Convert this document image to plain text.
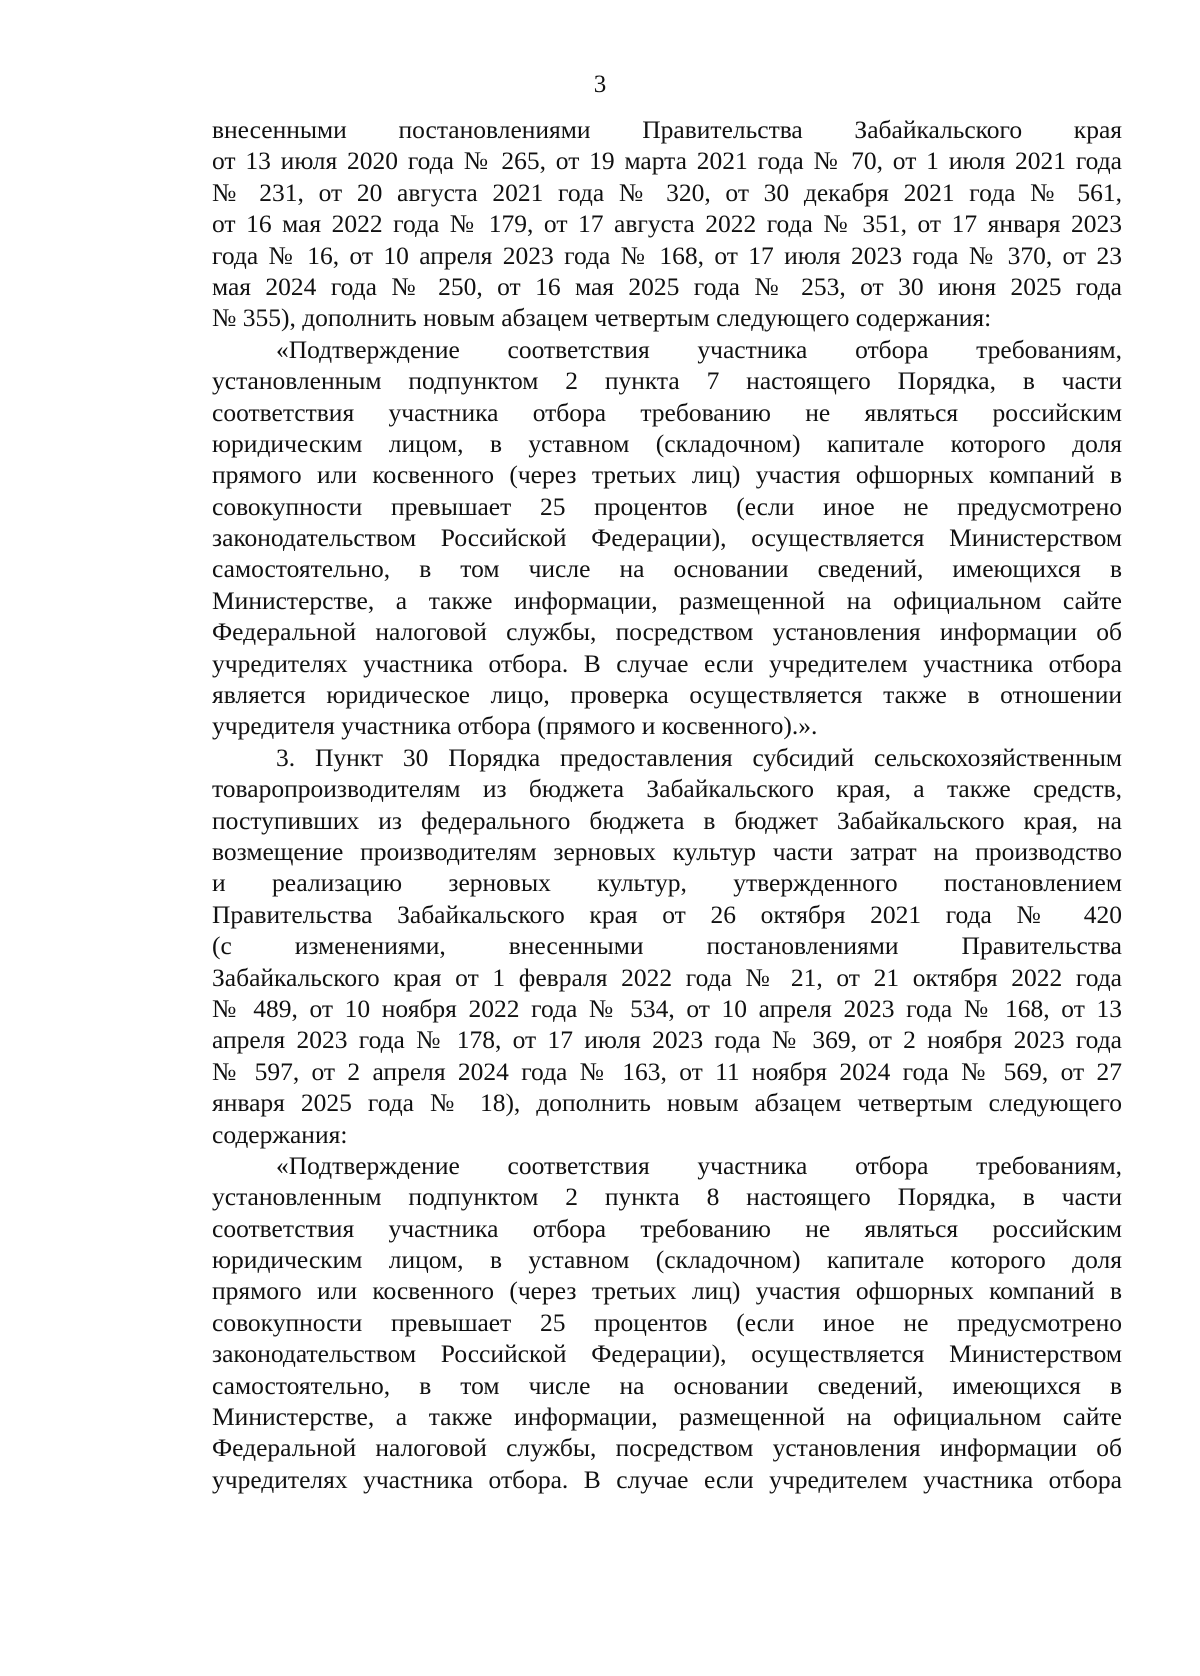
3
внесенными постановлениями Правительства Забайкальского края
от 13 июля 2020 года № 265, от 19 марта 2021 года № 70, от 1 июля 2021 года
№ 231, от 20 августа 2021 года № 320, от 30 декабря 2021 года № 561,
от 16 мая 2022 года № 179, от 17 августа 2022 года № 351, от 17 января 2023
года № 16, от 10 апреля 2023 года № 168, от 17 июля 2023 года № 370, от 23
мая 2024 года № 250, от 16 мая 2025 года № 253, от 30 июня 2025 года
№ 355), дополнить новым абзацем четвертым следующего содержания:
«Подтверждение соответствия участника отбора требованиям,
установленным подпунктом 2 пункта 7 настоящего Порядка, в части
соответствия участника отбора требованию не являться российским
юридическим лицом, в уставном (складочном) капитале которого доля
прямого или косвенного (через третьих лиц) участия офшорных компаний в
совокупности превышает 25 процентов (если иное не предусмотрено
законодательством Российской Федерации), осуществляется Министерством
самостоятельно, в том числе на основании сведений, имеющихся в
Министерстве, а также информации, размещенной на официальном сайте
Федеральной налоговой службы, посредством установления информации об
учредителях участника отбора. В случае если учредителем участника отбора
является юридическое лицо, проверка осуществляется также в отношении
учредителя участника отбора (прямого и косвенного).».
3. Пункт 30 Порядка предоставления субсидий сельскохозяйственным
товаропроизводителям из бюджета Забайкальского края, а также средств,
поступивших из федерального бюджета в бюджет Забайкальского края, на
возмещение производителям зерновых культур части затрат на производство
и реализацию зерновых культур, утвержденного постановлением
Правительства Забайкальского края от 26 октября 2021 года № 420
(с изменениями, внесенными постановлениями Правительства
Забайкальского края от 1 февраля 2022 года № 21, от 21 октября 2022 года
№ 489, от 10 ноября 2022 года № 534, от 10 апреля 2023 года № 168, от 13
апреля 2023 года № 178, от 17 июля 2023 года № 369, от 2 ноября 2023 года
№ 597, от 2 апреля 2024 года № 163, от 11 ноября 2024 года № 569, от 27
января 2025 года № 18), дополнить новым абзацем четвертым следующего
содержания:
«Подтверждение соответствия участника отбора требованиям,
установленным подпунктом 2 пункта 8 настоящего Порядка, в части
соответствия участника отбора требованию не являться российским
юридическим лицом, в уставном (складочном) капитале которого доля
прямого или косвенного (через третьих лиц) участия офшорных компаний в
совокупности превышает 25 процентов (если иное не предусмотрено
законодательством Российской Федерации), осуществляется Министерством
самостоятельно, в том числе на основании сведений, имеющихся в
Министерстве, а также информации, размещенной на официальном сайте
Федеральной налоговой службы, посредством установления информации об
учредителях участника отбора. В случае если учредителем участника отбора
